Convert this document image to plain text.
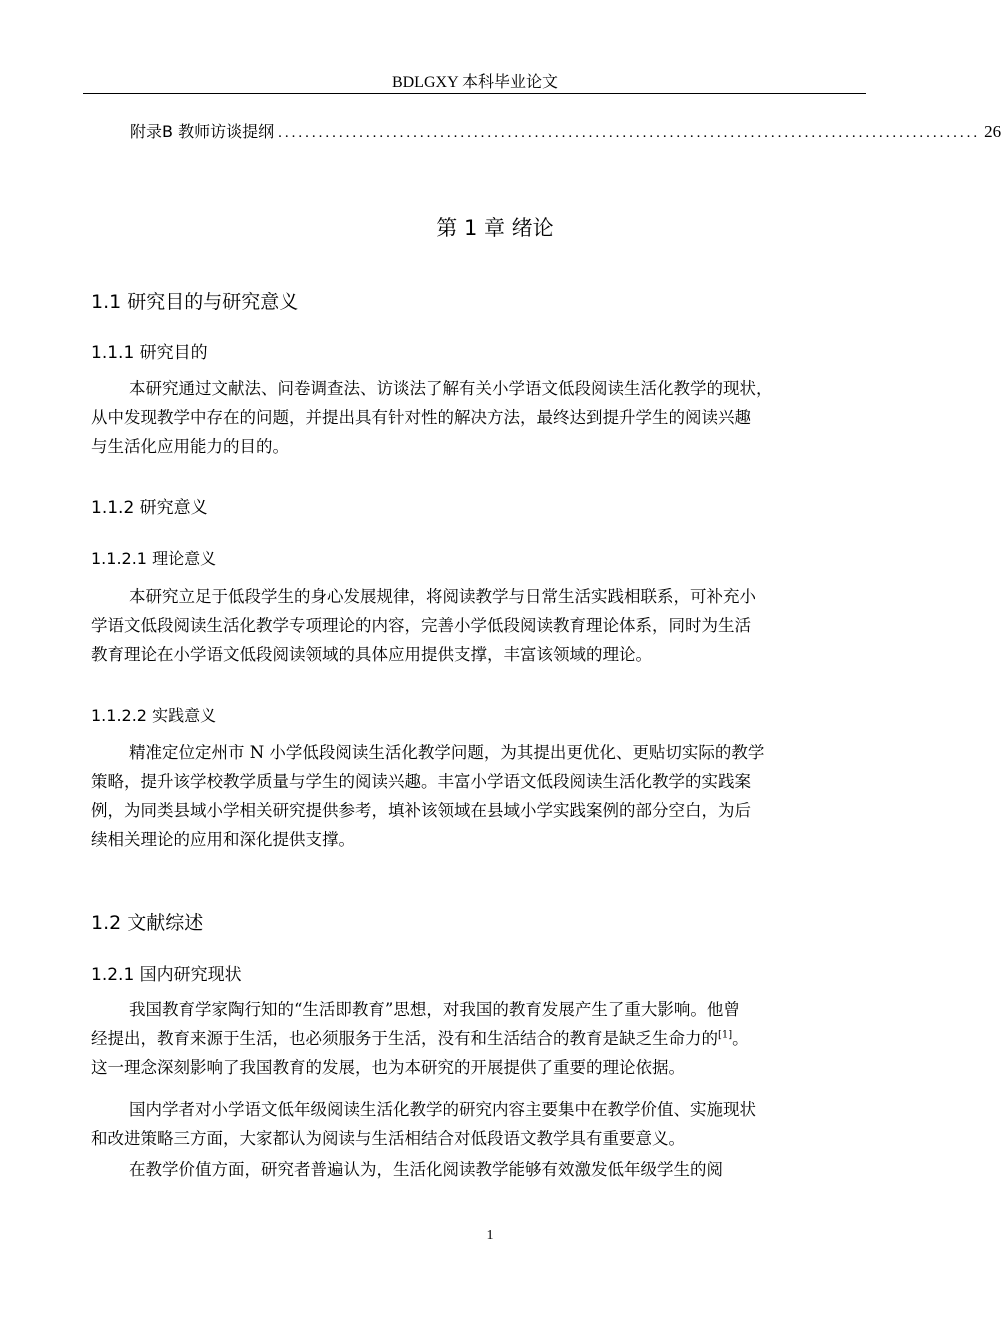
BDLGXY 本科毕业论文
附录B 教师访谈提纲 ........................................................................................................ 26
第 1 章 绪论
1.1 研究目的与研究意义
1.1.1 研究目的
本研究通过文献法、问卷调查法、访谈法了解有关小学语文低段阅读生活化教学的现状，
从中发现教学中存在的问题，并提出具有针对性的解决方法，最终达到提升学生的阅读兴趣
与生活化应用能力的目的。
1.1.2 研究意义
1.1.2.1 理论意义
本研究立足于低段学生的身心发展规律，将阅读教学与日常生活实践相联系，可补充小
学语文低段阅读生活化教学专项理论的内容，完善小学低段阅读教育理论体系，同时为生活
教育理论在小学语文低段阅读领域的具体应用提供支撑，丰富该领域的理论。
1.1.2.2 实践意义
精准定位定州市 N 小学低段阅读生活化教学问题，为其提出更优化、更贴切实际的教学
策略，提升该学校教学质量与学生的阅读兴趣。丰富小学语文低段阅读生活化教学的实践案
例，为同类县域小学相关研究提供参考，填补该领域在县域小学实践案例的部分空白，为后
续相关理论的应用和深化提供支撑。
1.2 文献综述
1.2.1 国内研究现状
我国教育学家陶行知的“生活即教育”思想，对我国的教育发展产生了重大影响。他曾
经提出，教育来源于生活，也必须服务于生活，没有和生活结合的教育是缺乏生命力的[1]。
这一理念深刻影响了我国教育的发展，也为本研究的开展提供了重要的理论依据。
国内学者对小学语文低年级阅读生活化教学的研究内容主要集中在教学价值、实施现状
和改进策略三方面，大家都认为阅读与生活相结合对低段语文教学具有重要意义。
在教学价值方面，研究者普遍认为，生活化阅读教学能够有效激发低年级学生的阅
1
